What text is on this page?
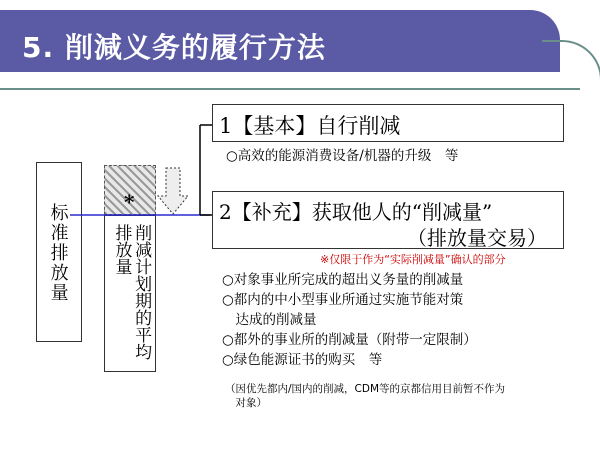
5. 削減义务的履行方法
标准排放量
*
削减计划期的平均排放量
1【基本】自行削减
○高效的能源消费设备/机器的升级　等
2【补充】获取他人的“削减量”
（排放量交易）
※仅限于作为“实际削减量”确认的部分
○对象事业所完成的超出义务量的削减量
○都内的中小型事业所通过实施节能对策
　达成的削减量
○都外的事业所的削减量（附带一定限制）
○绿色能源证书的购买　等
（因优先都内/国内的削减，CDM等的京都信用目前暂不作为
　对象）
